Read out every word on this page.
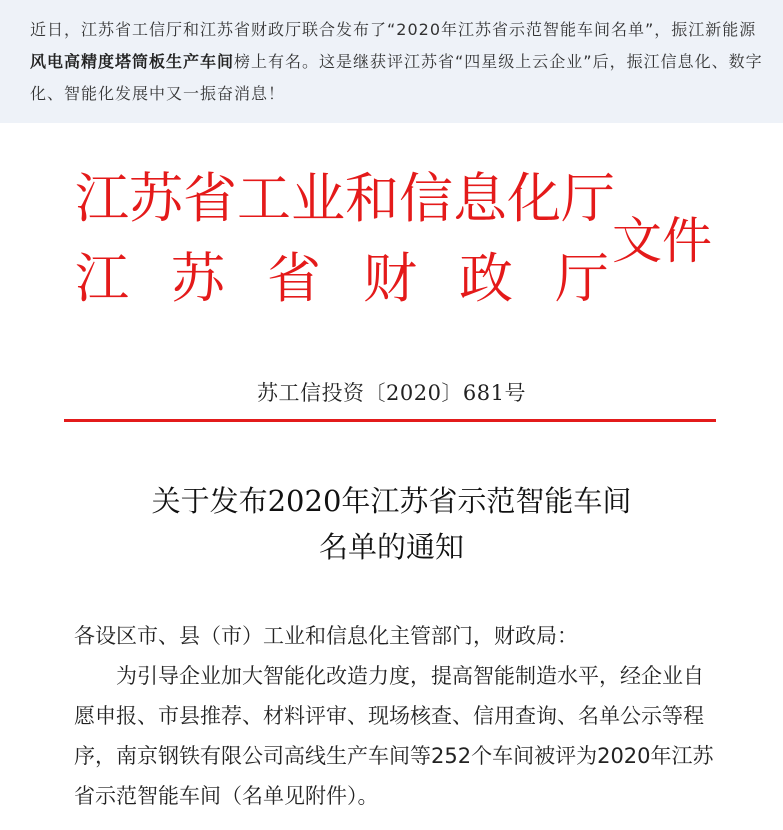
近日，江苏省工信厅和江苏省财政厅联合发布了“2020年江苏省示范智能车间名单”，振江新能源风电高精度塔筒板生产车间榜上有名。这是继获评江苏省“四星级上云企业”后，振江信息化、数字化、智能化发展中又一振奋消息！
江苏省工业和信息化厅
江 苏 省 财 政 厅
文件
苏工信投资〔2020〕681号
关于发布2020年江苏省示范智能车间
名单的通知

各设区市、县（市）工业和信息化主管部门，财政局：

为引导企业加大智能化改造力度，提高智能制造水平，经企业自愿申报、市县推荐、材料评审、现场核查、信用查询、名单公示等程序，南京钢铁有限公司高线生产车间等252个车间被评为2020年江苏省示范智能车间（名单见附件）。
